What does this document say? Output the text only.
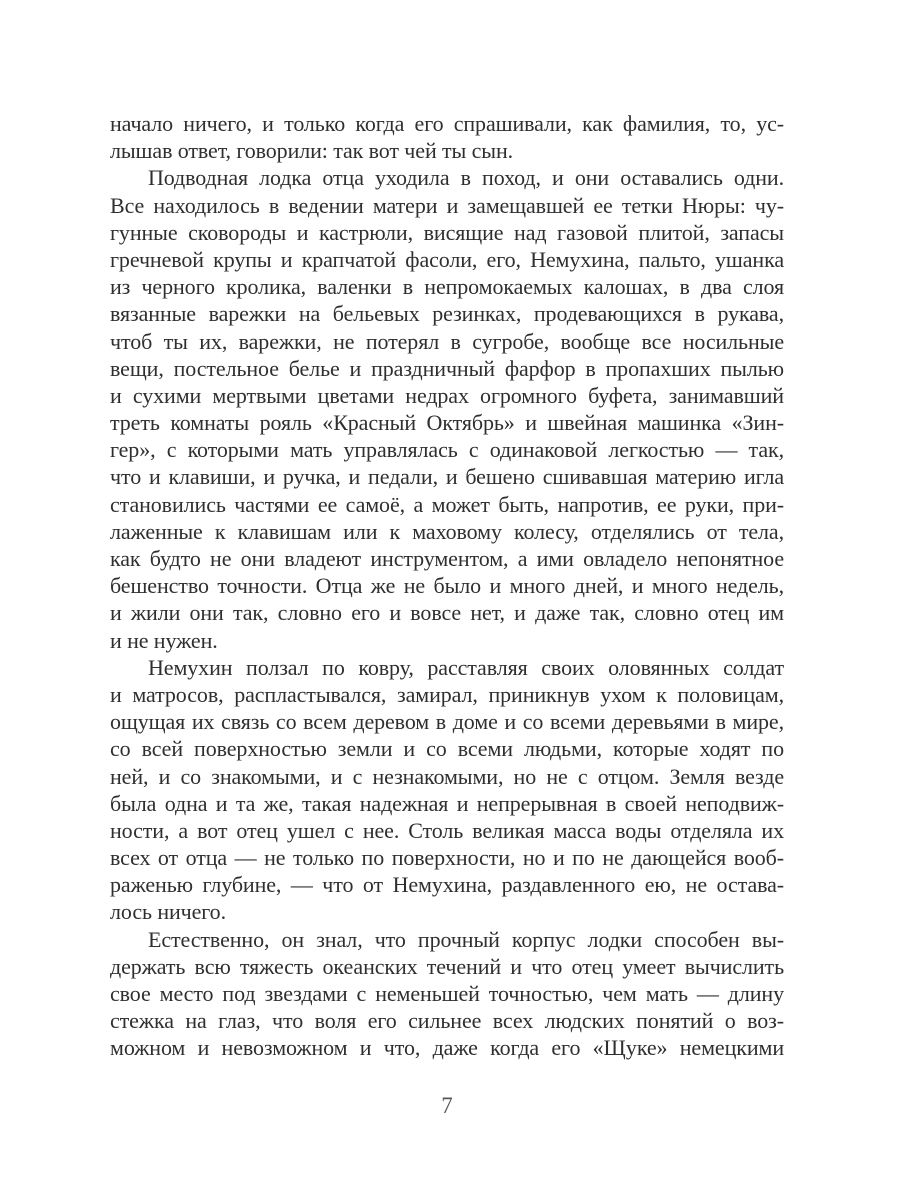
начало ничего, и только когда его спрашивали, как фамилия, то, ус-
лышав ответ, говорили: так вот чей ты сын.
Подводная лодка отца уходила в поход, и они оставались одни.
Все находилось в ведении матери и замещавшей ее тетки Нюры: чу-
гунные сковороды и кастрюли, висящие над газовой плитой, запасы
гречневой крупы и крапчатой фасоли, его, Немухина, пальто, ушанка
из черного кролика, валенки в непромокаемых калошах, в два слоя
вязанные варежки на бельевых резинках, продевающихся в рукава,
чтоб ты их, варежки, не потерял в сугробе, вообще все носильные
вещи, постельное белье и праздничный фарфор в пропахших пылью
и сухими мертвыми цветами недрах огромного буфета, занимавший
треть комнаты рояль «Красный Октябрь» и швейная машинка «Зин-
гер», с которыми мать управлялась с одинаковой легкостью — так,
что и клавиши, и ручка, и педали, и бешено сшивавшая материю игла
становились частями ее самоё, а может быть, напротив, ее руки, при-
лаженные к клавишам или к маховому колесу, отделялись от тела,
как будто не они владеют инструментом, а ими овладело непонятное
бешенство точности. Отца же не было и много дней, и много недель,
и жили они так, словно его и вовсе нет, и даже так, словно отец им
и не нужен.
Немухин ползал по ковру, расставляя своих оловянных солдат
и матросов, распластывался, замирал, приникнув ухом к половицам,
ощущая их связь со всем деревом в доме и со всеми деревьями в мире,
со всей поверхностью земли и со всеми людьми, которые ходят по
ней, и со знакомыми, и с незнакомыми, но не с отцом. Земля везде
была одна и та же, такая надежная и непрерывная в своей неподвиж-
ности, а вот отец ушел с нее. Столь великая масса воды отделяла их
всех от отца — не только по поверхности, но и по не дающейся вооб-
раженью глубине, — что от Немухина, раздавленного ею, не остава-
лось ничего.
Естественно, он знал, что прочный корпус лодки способен вы-
держать всю тяжесть океанских течений и что отец умеет вычислить
свое место под звездами с неменьшей точностью, чем мать — длину
стежка на глаз, что воля его сильнее всех людских понятий о воз-
можном и невозможном и что, даже когда его «Щуке» немецкими
7
